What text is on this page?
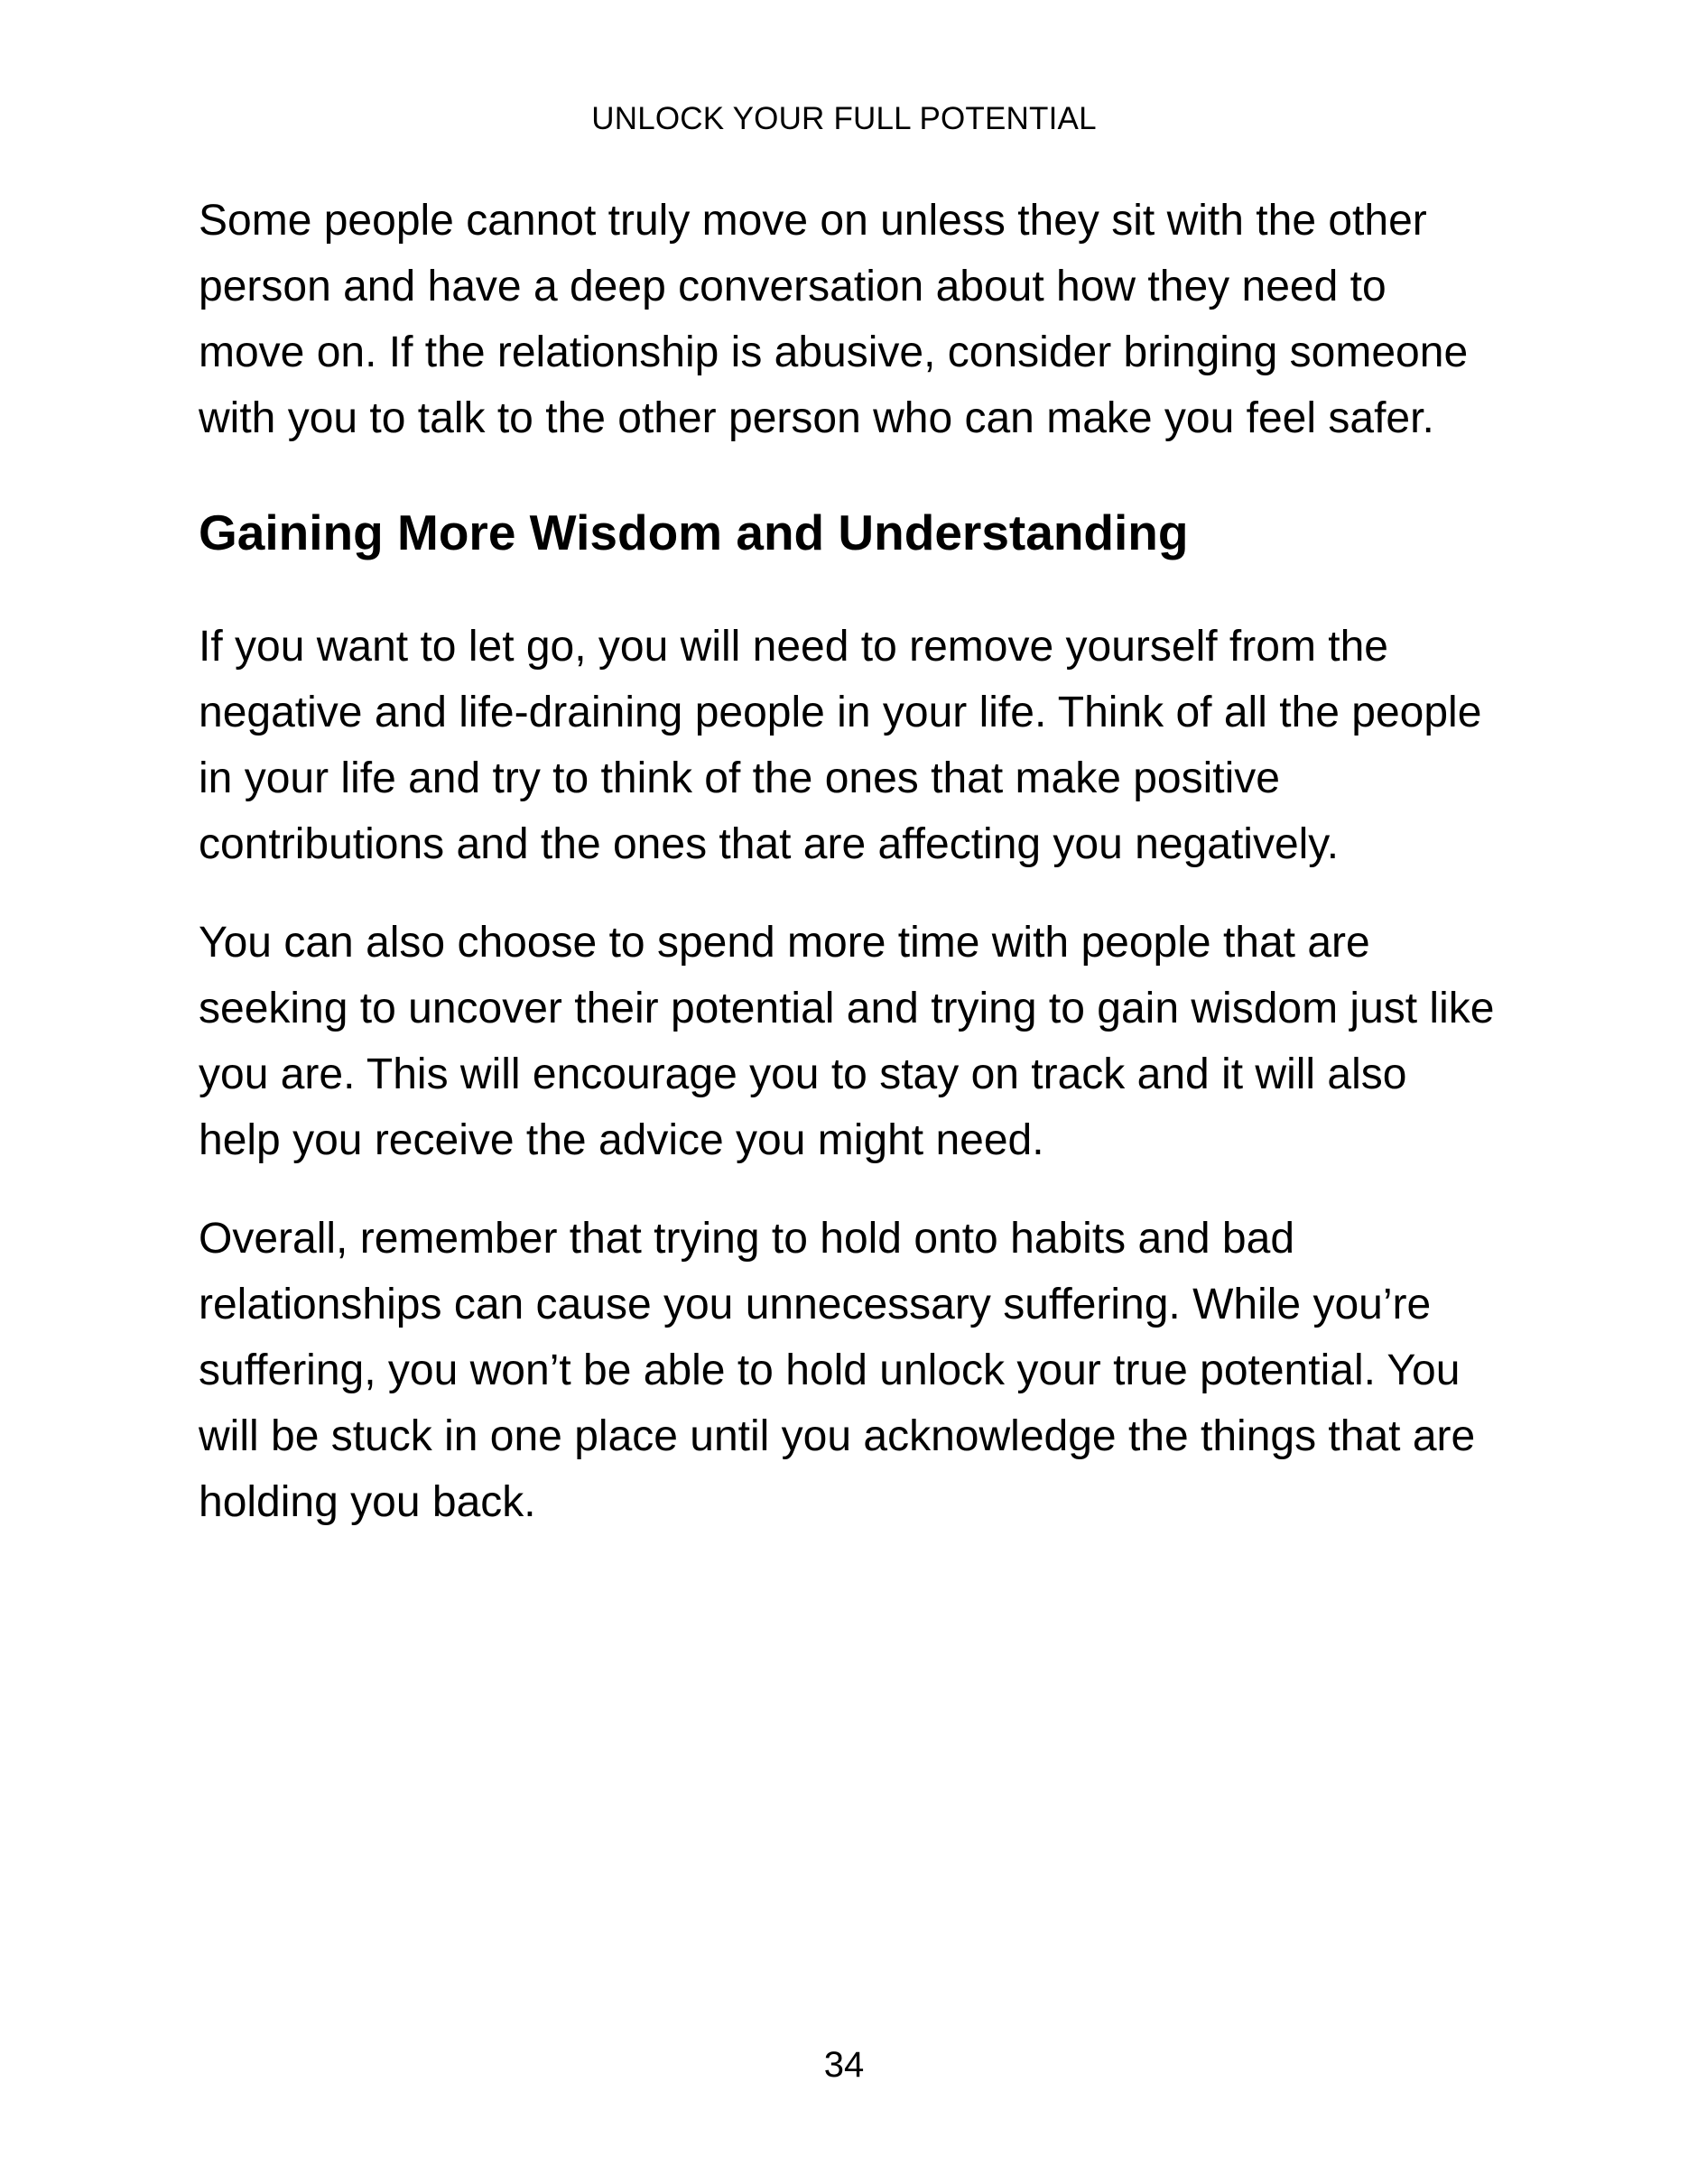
UNLOCK YOUR FULL POTENTIAL

Some people cannot truly move on unless they sit with the other person and have a deep conversation about how they need to move on. If the relationship is abusive, consider bringing someone with you to talk to the other person who can make you feel safer.

Gaining More Wisdom and Understanding

If you want to let go, you will need to remove yourself from the negative and life-draining people in your life. Think of all the people in your life and try to think of the ones that make positive contributions and the ones that are affecting you negatively.

You can also choose to spend more time with people that are seeking to uncover their potential and trying to gain wisdom just like you are. This will encourage you to stay on track and it will also help you receive the advice you might need.

Overall, remember that trying to hold onto habits and bad relationships can cause you unnecessary suffering. While you’re suffering, you won’t be able to hold unlock your true potential. You will be stuck in one place until you acknowledge the things that are holding you back.

34
